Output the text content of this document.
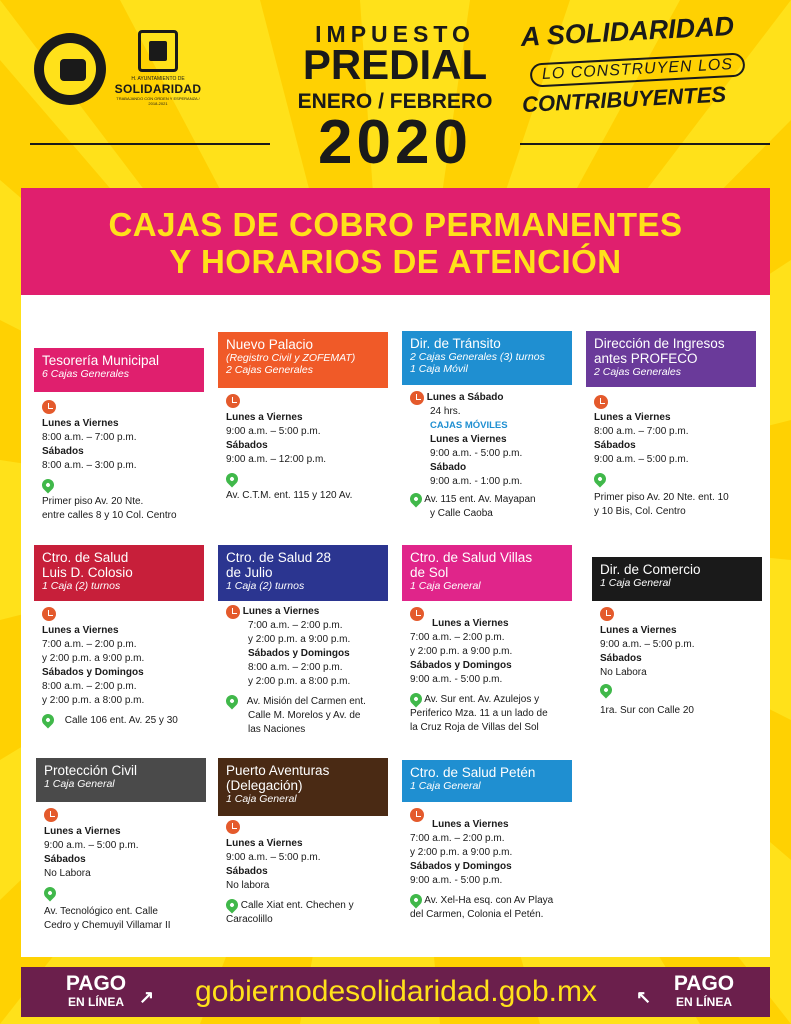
H. AYUNTAMIENTO DE
SOLIDARIDAD
TRABAJANDO CON ORDEN Y ESPERANZA / 2018-2021
IMPUESTO
PREDIAL
ENERO / FEBRERO
2020
A SOLIDARIDAD
LO CONSTRUYEN LOS
CONTRIBUYENTES
CAJAS DE COBRO PERMANENTES
Y HORARIOS DE ATENCIÓN
Tesorería Municipal
6 Cajas Generales
Lunes a Viernes
8:00 a.m. – 7:00 p.m.
Sábados
8:00 a.m. – 3:00 p.m.
Primer piso Av. 20 Nte.
entre calles 8 y 10 Col. Centro
Nuevo Palacio
(Registro Civil y ZOFEMAT)
2 Cajas Generales
Lunes a Viernes
9:00 a.m. – 5:00 p.m.
Sábados
9:00 a.m. – 12:00 p.m.
Av. C.T.M. ent. 115 y 120 Av.
Dir. de Tránsito
2 Cajas Generales (3) turnos
1 Caja Móvil
Lunes a Sábado
24 hrs.
CAJAS MÓVILES
Lunes a Viernes
9:00 a.m. - 5:00 p.m.
Sábado
9:00 a.m. - 1:00 p.m.
Av. 115 ent. Av. Mayapan
y Calle Caoba
Dirección de Ingresos
antes PROFECO
2 Cajas Generales
Lunes a Viernes
8:00 a.m. – 7:00 p.m.
Sábados
9:00 a.m. – 5:00 p.m.
Primer piso Av. 20 Nte. ent. 10
y 10 Bis, Col. Centro
Ctro. de Salud
Luis D. Colosio
1 Caja (2) turnos
Lunes a Viernes
7:00 a.m. – 2:00 p.m.
y 2:00 p.m. a 9:00 p.m.
Sábados y Domingos
8:00 a.m. – 2:00 p.m.
y 2:00 p.m. a 8:00 p.m.
Calle 106 ent. Av. 25 y 30
Ctro. de Salud 28
de Julio
1 Caja (2) turnos
Lunes a Viernes
7:00 a.m. – 2:00 p.m.
y 2:00 p.m. a 9:00 p.m.
Sábados y Domingos
8:00 a.m. – 2:00 p.m.
y 2:00 p.m. a 8:00 p.m.
Av. Misión del Carmen ent.
Calle M. Morelos y Av. de
las Naciones
Ctro. de Salud Villas
de Sol
1 Caja General
Lunes a Viernes
7:00 a.m. – 2:00 p.m.
y 2:00 p.m. a 9:00 p.m.
Sábados y Domingos
9:00 a.m. - 5:00 p.m.
Av. Sur ent. Av. Azulejos y
Periferico Mza. 11 a un lado de
la Cruz Roja de Villas del Sol
Dir. de Comercio
1 Caja General
Lunes a Viernes
9:00 a.m. – 5:00 p.m.
Sábados
No Labora
1ra. Sur con Calle 20
Protección Civil
1 Caja General
Lunes a Viernes
9:00 a.m. – 5:00 p.m.
Sábados
No Labora
Av. Tecnológico ent. Calle
Cedro y Chemuyil Villamar II
Puerto Aventuras
(Delegación)
1 Caja General
Lunes a Viernes
9:00 a.m. – 5:00 p.m.
Sábados
No labora
Calle Xiat ent. Chechen y
Caracolillo
Ctro. de Salud Petén
1 Caja General
Lunes a Viernes
7:00 a.m. – 2:00 p.m.
y 2:00 p.m. a 9:00 p.m.
Sábados y Domingos
9:00 a.m. - 5:00 p.m.
Av. Xel-Ha esq. con Av Playa
del Carmen, Colonia el Petén.
PAGO
EN LÍNEA ↗	gobiernodesolidaridad.gob.mx	↖
PAGO
EN LÍNEA
